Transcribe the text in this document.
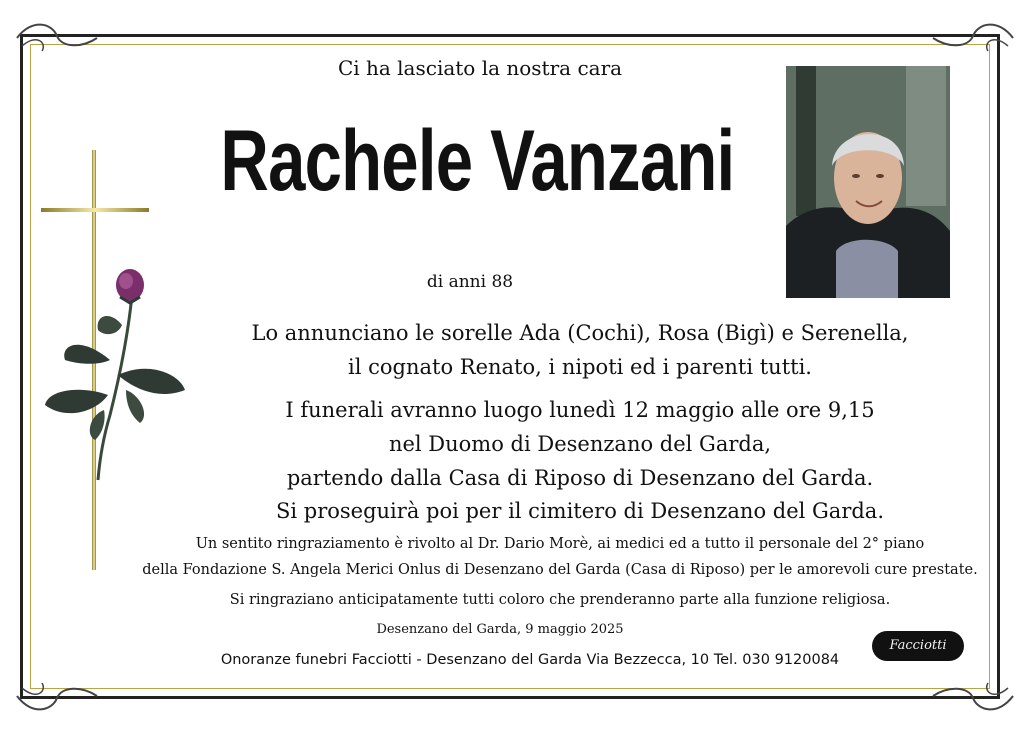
Ci ha lasciato la nostra cara
Rachele Vanzani
di anni 88
Lo annunciano le sorelle Ada (Cochi), Rosa (Bigì) e Serenella,
il cognato Renato, i nipoti ed i parenti tutti.
I funerali avranno luogo lunedì 12 maggio alle ore 9,15
nel Duomo di Desenzano del Garda,
partendo dalla Casa di Riposo di Desenzano del Garda.
Si proseguirà poi per il cimitero di Desenzano del Garda.
Un sentito ringraziamento è rivolto al Dr. Dario Morè, ai medici ed a tutto il personale del 2° piano
della Fondazione S. Angela Merici Onlus di Desenzano del Garda (Casa di Riposo) per le amorevoli cure prestate.
Si ringraziano anticipatamente tutti coloro che prenderanno parte alla funzione religiosa.
Desenzano del Garda, 9 maggio 2025
Onoranze funebri Facciotti - Desenzano del Garda Via Bezzecca, 10 Tel. 030 9120084
Facciotti
